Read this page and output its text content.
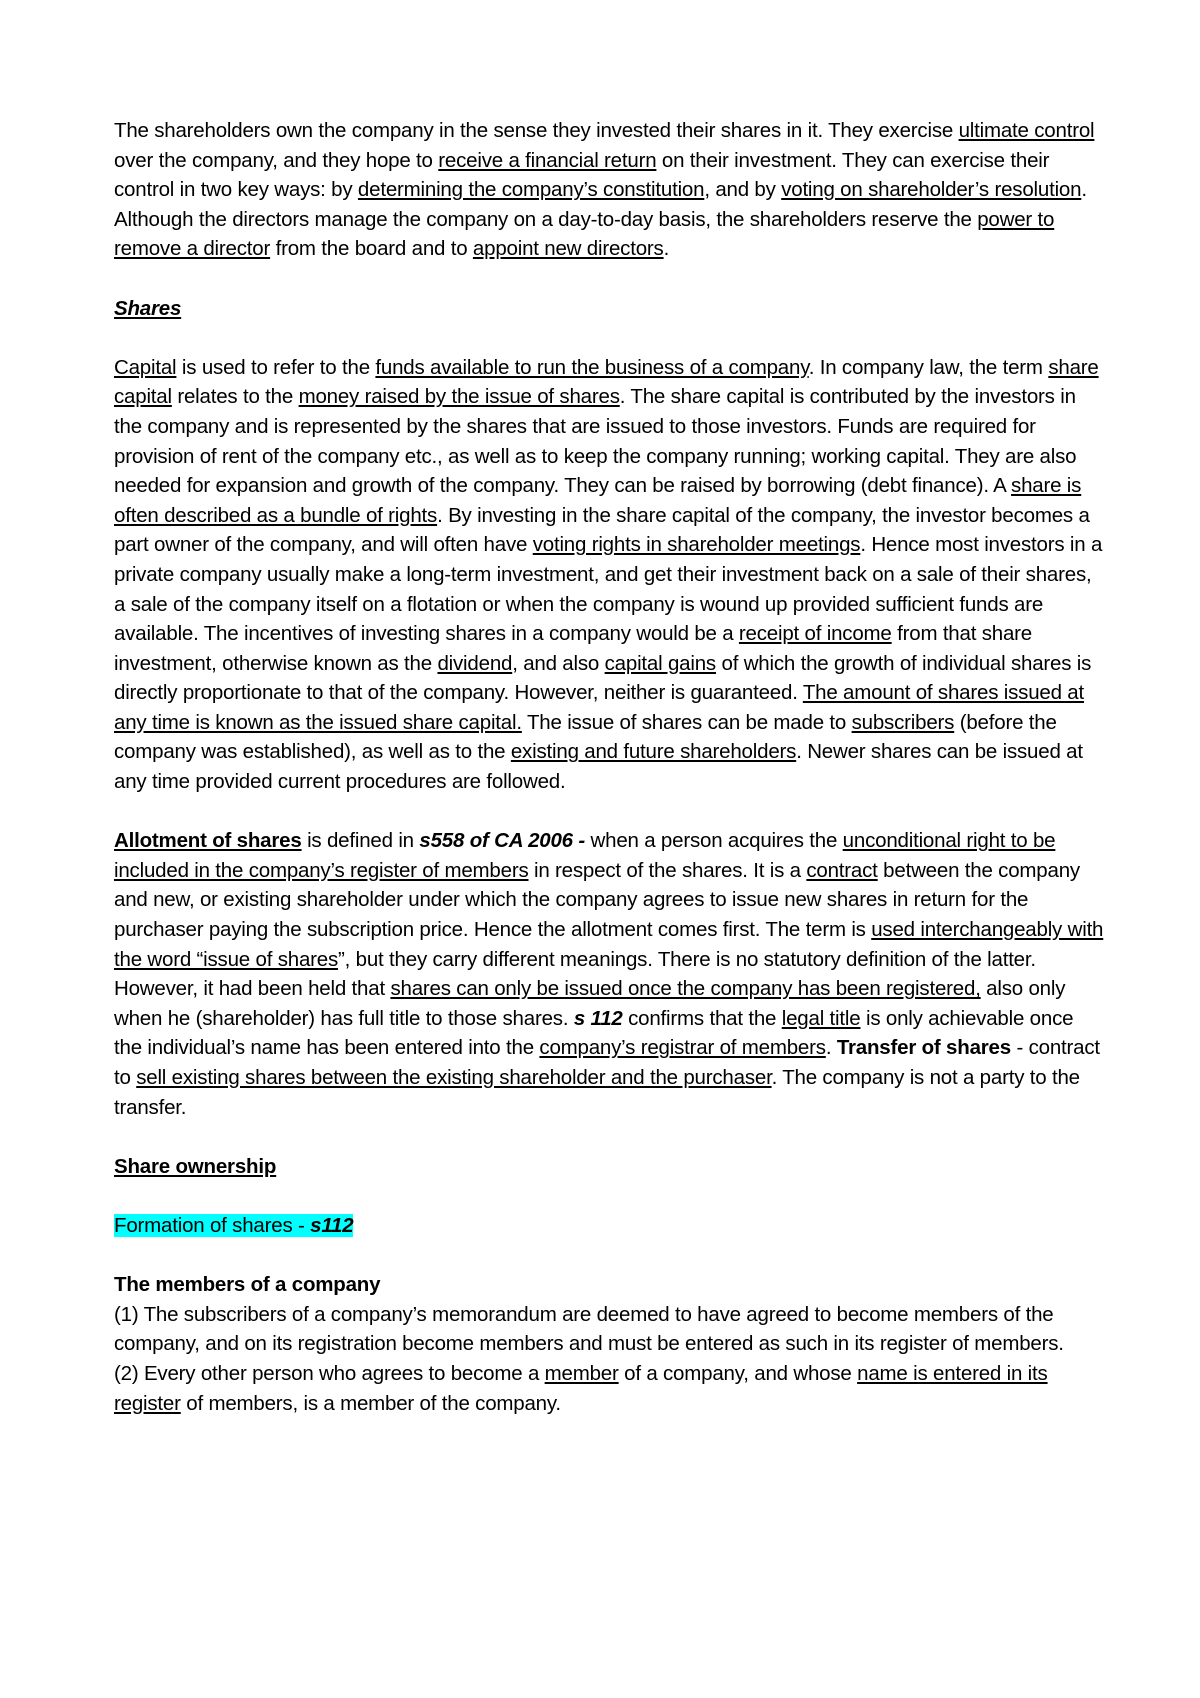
The shareholders own the company in the sense they invested their shares in it. They exercise ultimate control over the company, and they hope to receive a financial return on their investment. They can exercise their control in two key ways: by determining the company’s constitution, and by voting on shareholder’s resolution.

Although the directors manage the company on a day-to-day basis, the shareholders reserve the power to remove a director from the board and to appoint new directors.

Shares

Capital is used to refer to the funds available to run the business of a company. In company law, the term share capital relates to the money raised by the issue of shares. The share capital is contributed by the investors in the company and is represented by the shares that are issued to those investors. Funds are required for provision of rent of the company etc., as well as to keep the company running; working capital. They are also needed for expansion and growth of the company. They can be raised by borrowing (debt finance). A share is often described as a bundle of rights. By investing in the share capital of the company, the investor becomes a part owner of the company, and will often have voting rights in shareholder meetings. Hence most investors in a private company usually make a long-term investment, and get their investment back on a sale of their shares, a sale of the company itself on a flotation or when the company is wound up provided sufficient funds are available. The incentives of investing shares in a company would be a receipt of income from that share investment, otherwise known as the dividend, and also capital gains of which the growth of individual shares is directly proportionate to that of the company. However, neither is guaranteed. The amount of shares issued at any time is known as the issued share capital. The issue of shares can be made to subscribers (before the company was established), as well as to the existing and future shareholders. Newer shares can be issued at any time provided current procedures are followed.

Allotment of shares is defined in s558 of CA 2006 - when a person acquires the unconditional right to be included in the company’s register of members in respect of the shares. It is a contract between the company and new, or existing shareholder under which the company agrees to issue new shares in return for the purchaser paying the subscription price. Hence the allotment comes first. The term is used interchangeably with the word “issue of shares”, but they carry different meanings. There is no statutory definition of the latter. However, it had been held that shares can only be issued once the company has been registered, also only when he (shareholder) has full title to those shares. s 112 confirms that the legal title is only achievable once the individual’s name has been entered into the company’s registrar of members. Transfer of shares - contract to sell existing shares between the existing shareholder and the purchaser. The company is not a party to the transfer.

Share ownership

Formation of shares - s112

The members of a company

(1) The subscribers of a company’s memorandum are deemed to have agreed to become members of the company, and on its registration become members and must be entered as such in its register of members.

(2) Every other person who agrees to become a member of a company, and whose name is entered in its register of members, is a member of the company.
